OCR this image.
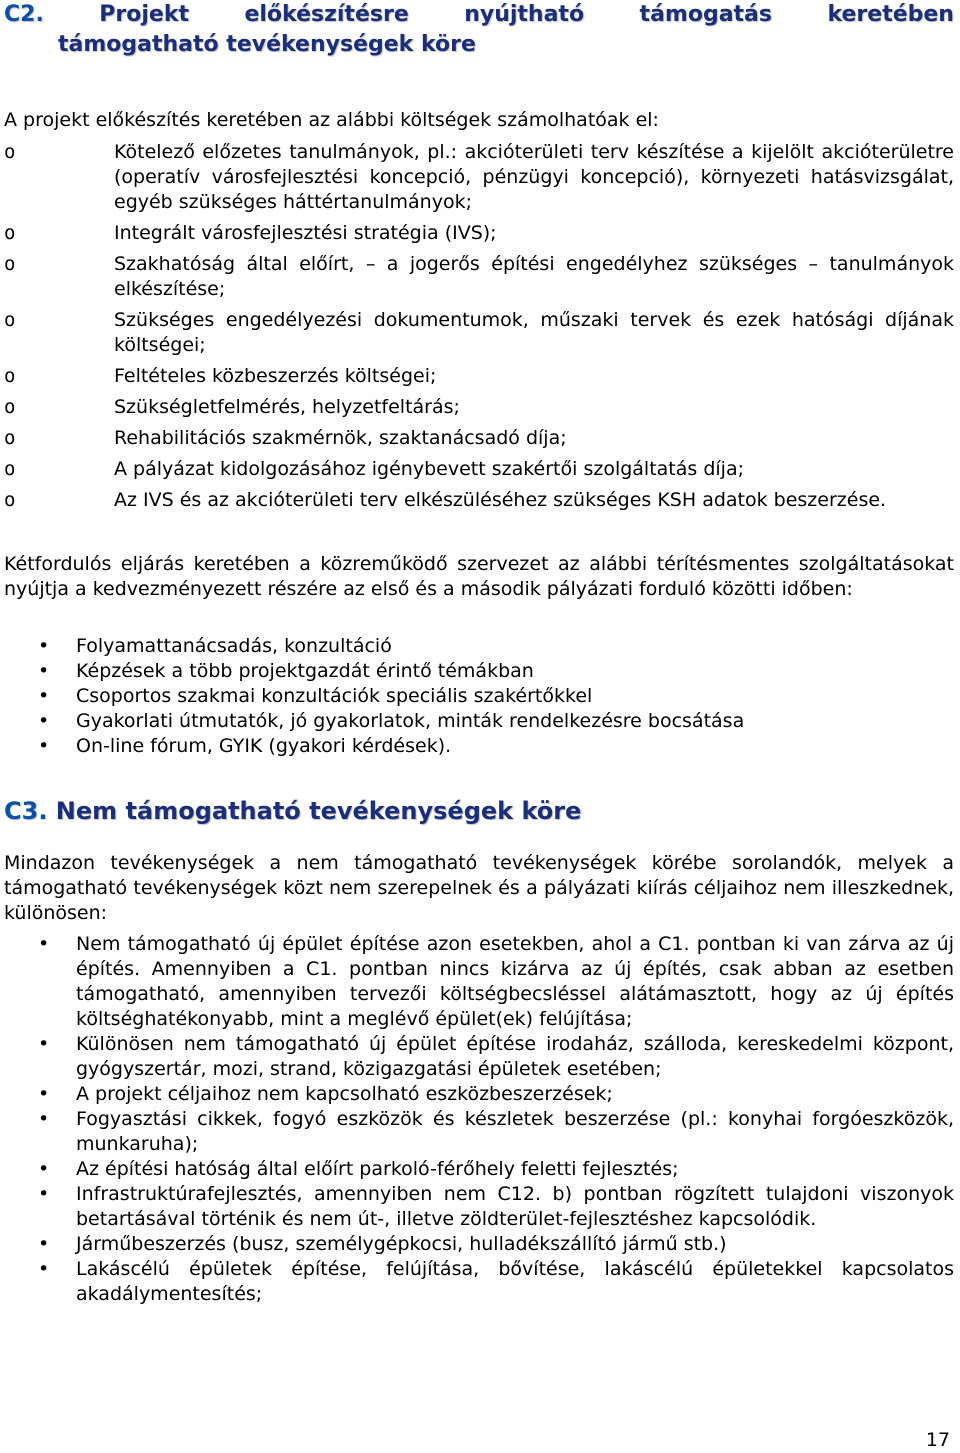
C2.	Projekt	előkészítésre	nyújtható	támogatás	keretében
támogatható tevékenységek köre

A projekt előkészítés keretében az alábbi költségek számolhatóak el:

o	Kötelező előzetes tanulmányok, pl.: akcióterületi terv készítése a kijelölt akcióterületre (operatív városfejlesztési koncepció, pénzügyi koncepció), környezeti hatásvizsgálat, egyéb szükséges háttértanulmányok;
o	Integrált városfejlesztési stratégia (IVS);
o	Szakhatóság által előírt, – a jogerős építési engedélyhez szükséges – tanulmányok elkészítése;
o	Szükséges engedélyezési dokumentumok, műszaki tervek és ezek hatósági díjának költségei;
o	Feltételes közbeszerzés költségei;
o	Szükségletfelmérés, helyzetfeltárás;
o	Rehabilitációs szakmérnök, szaktanácsadó díja;
o	A pályázat kidolgozásához igénybevett szakértői szolgáltatás díja;
o	Az IVS és az akcióterületi terv elkészüléséhez szükséges KSH adatok beszerzése.

Kétfordulós eljárás keretében a közreműködő szervezet az alábbi térítésmentes szolgáltatásokat nyújtja a kedvezményezett részére az első és a második pályázati forduló közötti időben:

• Folyamattanácsadás, konzultáció
• Képzések a több projektgazdát érintő témákban
• Csoportos szakmai konzultációk speciális szakértőkkel
• Gyakorlati útmutatók, jó gyakorlatok, minták rendelkezésre bocsátása
• On-line fórum, GYIK (gyakori kérdések).
C3. Nem támogatható tevékenységek köre

Mindazon tevékenységek a nem támogatható tevékenységek körébe sorolandók, melyek a támogatható tevékenységek közt nem szerepelnek és a pályázati kiírás céljaihoz nem illeszkednek, különösen:

• Nem támogatható új épület építése azon esetekben, ahol a C1. pontban ki van zárva az új építés. Amennyiben a C1. pontban nincs kizárva az új építés, csak abban az esetben támogatható, amennyiben tervezői költségbecsléssel alátámasztott, hogy az új építés költséghatékonyabb, mint a meglévő épület(ek) felújítása;
• Különösen nem támogatható új épület építése irodaház, szálloda, kereskedelmi központ, gyógyszertár, mozi, strand, közigazgatási épületek esetében;
• A projekt céljaihoz nem kapcsolható eszközbeszerzések;
• Fogyasztási cikkek, fogyó eszközök és készletek beszerzése (pl.: konyhai forgóeszközök, munkaruha);
• Az építési hatóság által előírt parkoló-férőhely feletti fejlesztés;
• Infrastruktúrafejlesztés, amennyiben nem C12. b) pontban rögzített tulajdoni viszonyok betartásával történik és nem út-, illetve zöldterület-fejlesztéshez kapcsolódik.
• Járműbeszerzés (busz, személygépkocsi, hulladékszállító jármű stb.)
• Lakáscélú épületek építése, felújítása, bővítése, lakáscélú épületekkel kapcsolatos akadálymentesítés;
17
